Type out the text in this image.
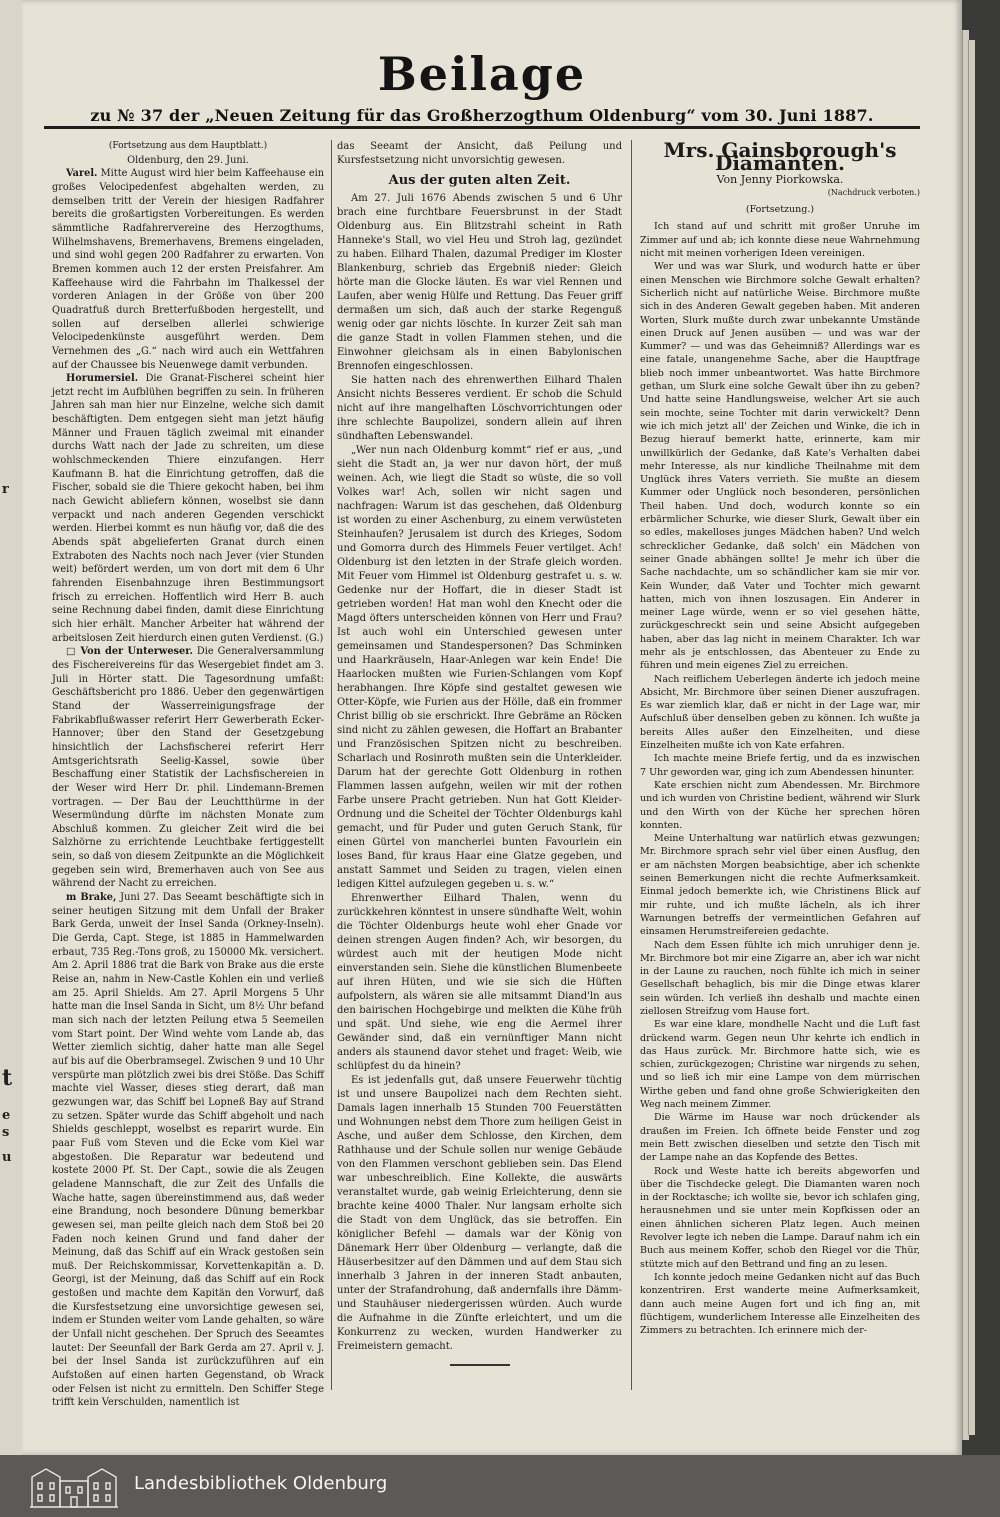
r
t
e
s
u
Beilage
zu № 37 der „Neuen Zeitung für das Großherzogthum Oldenburg“ vom 30. Juni 1887.

(Fortsetzung aus dem Hauptblatt.)

Oldenburg, den 29. Juni.

Varel. Mitte August wird hier beim Kaffeehause ein großes Velocipedenfest abgehalten werden, zu demselben tritt der Verein der hiesigen Radfahrer bereits die großartigsten Vorbereitungen. Es werden sämmtliche Radfahrervereine des Herzogthums, Wilhelmshavens, Bremerhavens, Bremens eingeladen, und sind wohl gegen 200 Radfahrer zu erwarten. Von Bremen kommen auch 12 der ersten Preisfahrer. Am Kaffeehause wird die Fahrbahn im Thalkessel der vorderen Anlagen in der Größe von über 200 Quadratfuß durch Bretterfußboden hergestellt, und sollen auf derselben allerlei schwierige Velocipedenkünste ausgeführt werden. Dem Vernehmen des „G.“ nach wird auch ein Wettfahren auf der Chaussee bis Neuenwege damit verbunden.

Horumersiel. Die Granat-Fischerei scheint hier jetzt recht im Aufblühen begriffen zu sein. In früheren Jahren sah man hier nur Einzelne, welche sich damit beschäftigten. Dem entgegen sieht man jetzt häufig Männer und Frauen täglich zweimal mit einander durchs Watt nach der Jade zu schreiten, um diese wohlschmeckenden Thiere einzufangen. Herr Kaufmann B. hat die Einrichtung getroffen, daß die Fischer, sobald sie die Thiere gekocht haben, bei ihm nach Gewicht abliefern können, woselbst sie dann verpackt und nach anderen Gegenden verschickt werden. Hierbei kommt es nun häufig vor, daß die des Abends spät abgelieferten Granat durch einen Extraboten des Nachts noch nach Jever (vier Stunden weit) befördert werden, um von dort mit dem 6 Uhr fahrenden Eisenbahnzuge ihren Bestimmungsort frisch zu erreichen. Hoffentlich wird Herr B. auch seine Rechnung dabei finden, damit diese Einrichtung sich hier erhält. Mancher Arbeiter hat während der arbeitslosen Zeit hierdurch einen guten Verdienst. (G.)

□ Von der Unterweser. Die Generalversammlung des Fischereivereins für das Wesergebiet findet am 3. Juli in Hörter statt. Die Tagesordnung umfaßt: Geschäftsbericht pro 1886. Ueber den gegenwärtigen Stand der Wasserreinigungsfrage der Fabrikabflußwasser referirt Herr Gewerberath Ecker-Hannover; über den Stand der Gesetzgebung hinsichtlich der Lachsfischerei referirt Herr Amtsgerichtsrath Seelig-Kassel, sowie über Beschaffung einer Statistik der Lachsfischereien in der Weser wird Herr Dr. phil. Lindemann-Bremen vortragen. — Der Bau der Leuchtthürme in der Wesermündung dürfte im nächsten Monate zum Abschluß kommen. Zu gleicher Zeit wird die bei Salzhörne zu errichtende Leuchtbake fertiggestellt sein, so daß von diesem Zeitpunkte an die Möglichkeit gegeben sein wird, Bremerhaven auch von See aus während der Nacht zu erreichen.

m Brake, Juni 27. Das Seeamt beschäftigte sich in seiner heutigen Sitzung mit dem Unfall der Braker Bark Gerda, unweit der Insel Sanda (Orkney-Inseln). Die Gerda, Capt. Stege, ist 1885 in Hammelwarden erbaut, 735 Reg.-Tons groß, zu 150000 Mk. versichert. Am 2. April 1886 trat die Bark von Brake aus die erste Reise an, nahm in New-Castle Kohlen ein und verließ am 25. April Shields. Am 27. April Morgens 5 Uhr hatte man die Insel Sanda in Sicht, um 8½ Uhr befand man sich nach der letzten Peilung etwa 5 Seemeilen vom Start point. Der Wind wehte vom Lande ab, das Wetter ziemlich sichtig, daher hatte man alle Segel auf bis auf die Oberbramsegel. Zwischen 9 und 10 Uhr verspürte man plötzlich zwei bis drei Stöße. Das Schiff machte viel Wasser, dieses stieg derart, daß man gezwungen war, das Schiff bei Lopneß Bay auf Strand zu setzen. Später wurde das Schiff abgeholt und nach Shields geschleppt, woselbst es reparirt wurde. Ein paar Fuß vom Steven und die Ecke vom Kiel war abgestoßen. Die Reparatur war bedeutend und kostete 2000 Pf. St. Der Capt., sowie die als Zeugen geladene Mannschaft, die zur Zeit des Unfalls die Wache hatte, sagen übereinstimmend aus, daß weder eine Brandung, noch besondere Dünung bemerkbar gewesen sei, man peilte gleich nach dem Stoß bei 20 Faden noch keinen Grund und fand daher der Meinung, daß das Schiff auf ein Wrack gestoßen sein muß. Der Reichskommissar, Korvettenkapitän a. D. Georgi, ist der Meinung, daß das Schiff auf ein Rock gestoßen und machte dem Kapitän den Vorwurf, daß die Kursfestsetzung eine unvorsichtige gewesen sei, indem er Stunden weiter vom Lande gehalten, so wäre der Unfall nicht geschehen. Der Spruch des Seeamtes lautet: Der Seeunfall der Bark Gerda am 27. April v. J. bei der Insel Sanda ist zurückzuführen auf ein Aufstoßen auf einen harten Gegenstand, ob Wrack oder Felsen ist nicht zu ermitteln. Den Schiffer Stege trifft kein Verschulden, namentlich ist

das Seeamt der Ansicht, daß Peilung und Kursfestsetzung nicht unvorsichtig gewesen.

Aus der guten alten Zeit.

Am 27. Juli 1676 Abends zwischen 5 und 6 Uhr brach eine furchtbare Feuersbrunst in der Stadt Oldenburg aus. Ein Blitzstrahl scheint in Rath Hanneke's Stall, wo viel Heu und Stroh lag, gezündet zu haben. Eilhard Thalen, dazumal Prediger im Kloster Blankenburg, schrieb das Ergebniß nieder: Gleich hörte man die Glocke läuten. Es war viel Rennen und Laufen, aber wenig Hülfe und Rettung. Das Feuer griff dermaßen um sich, daß auch der starke Regenguß wenig oder gar nichts löschte. In kurzer Zeit sah man die ganze Stadt in vollen Flammen stehen, und die Einwohner gleichsam als in einen Babylonischen Brennofen eingeschlossen.

Sie hatten nach des ehrenwerthen Eilhard Thalen Ansicht nichts Besseres verdient. Er schob die Schuld nicht auf ihre mangelhaften Löschvorrichtungen oder ihre schlechte Baupolizei, sondern allein auf ihren sündhaften Lebenswandel.

„Wer nun nach Oldenburg kommt“ rief er aus, „und sieht die Stadt an, ja wer nur davon hört, der muß weinen. Ach, wie liegt die Stadt so wüste, die so voll Volkes war! Ach, sollen wir nicht sagen und nachfragen: Warum ist das geschehen, daß Oldenburg ist worden zu einer Aschenburg, zu einem verwüsteten Steinhaufen? Jerusalem ist durch des Krieges, Sodom und Gomorra durch des Himmels Feuer vertilget. Ach! Oldenburg ist den letzten in der Strafe gleich worden. Mit Feuer vom Himmel ist Oldenburg gestrafet u. s. w. Gedenke nur der Hoffart, die in dieser Stadt ist getrieben worden! Hat man wohl den Knecht oder die Magd öfters unterscheiden können von Herr und Frau? Ist auch wohl ein Unterschied gewesen unter gemeinsamen und Standespersonen? Das Schminken und Haarkräuseln, Haar-Anlegen war kein Ende! Die Haarlocken mußten wie Furien-Schlangen vom Kopf herabhangen. Ihre Köpfe sind gestaltet gewesen wie Otter-Köpfe, wie Furien aus der Hölle, daß ein frommer Christ billig ob sie erschrickt. Ihre Gebräme an Röcken sind nicht zu zählen gewesen, die Hoffart an Brabanter und Französischen Spitzen nicht zu beschreiben. Scharlach und Rosinroth mußten sein die Unterkleider. Darum hat der gerechte Gott Oldenburg in rothen Flammen lassen aufgehn, weilen wir mit der rothen Farbe unsere Pracht getrieben. Nun hat Gott Kleider-Ordnung und die Scheitel der Töchter Oldenburgs kahl gemacht, und für Puder und guten Geruch Stank, für einen Gürtel von mancherlei bunten Favourlein ein loses Band, für kraus Haar eine Glatze gegeben, und anstatt Sammet und Seiden zu tragen, vielen einen ledigen Kittel aufzulegen gegeben u. s. w.“

Ehrenwerther Eilhard Thalen, wenn du zurückkehren könntest in unsere sündhafte Welt, wohin die Töchter Oldenburgs heute wohl eher Gnade vor deinen strengen Augen finden? Ach, wir besorgen, du würdest auch mit der heutigen Mode nicht einverstanden sein. Siehe die künstlichen Blumenbeete auf ihren Hüten, und wie sie sich die Hüften aufpolstern, als wären sie alle mitsammt Diand'ln aus den bairischen Hochgebirge und melkten die Kühe früh und spät. Und siehe, wie eng die Aermel ihrer Gewänder sind, daß ein vernünftiger Mann nicht anders als staunend davor stehet und fraget: Weib, wie schlüpfest du da hinein?

Es ist jedenfalls gut, daß unsere Feuerwehr tüchtig ist und unsere Baupolizei nach dem Rechten sieht. Damals lagen innerhalb 15 Stunden 700 Feuerstätten und Wohnungen nebst dem Thore zum heiligen Geist in Asche, und außer dem Schlosse, den Kirchen, dem Rathhause und der Schule sollen nur wenige Gebäude von den Flammen verschont geblieben sein. Das Elend war unbeschreiblich. Eine Kollekte, die auswärts veranstaltet wurde, gab weinig Erleichterung, denn sie brachte keine 4000 Thaler. Nur langsam erholte sich die Stadt von dem Unglück, das sie betroffen. Ein königlicher Befehl — damals war der König von Dänemark Herr über Oldenburg — verlangte, daß die Häuserbesitzer auf den Dämmen und auf dem Stau sich innerhalb 3 Jahren in der inneren Stadt anbauten, unter der Strafandrohung, daß andernfalls ihre Dämm- und Stauhäuser niedergerissen würden. Auch wurde die Aufnahme in die Zünfte erleichtert, und um die Konkurrenz zu wecken, wurden Handwerker zu Freimeistern gemacht.

Mrs. Gainsborough's Diamanten.

Von Jenny Piorkowska.

(Nachdruck verboten.)

(Fortsetzung.)

Ich stand auf und schritt mit großer Unruhe im Zimmer auf und ab; ich konnte diese neue Wahrnehmung nicht mit meinen vorherigen Ideen vereinigen.

Wer und was war Slurk, und wodurch hatte er über einen Menschen wie Birchmore solche Gewalt erhalten? Sicherlich nicht auf natürliche Weise. Birchmore mußte sich in des Anderen Gewalt gegeben haben. Mit anderen Worten, Slurk mußte durch zwar unbekannte Umstände einen Druck auf Jenen ausüben — und was war der Kummer? — und was das Geheimniß? Allerdings war es eine fatale, unangenehme Sache, aber die Hauptfrage blieb noch immer unbeantwortet. Was hatte Birchmore gethan, um Slurk eine solche Gewalt über ihn zu geben? Und hatte seine Handlungsweise, welcher Art sie auch sein mochte, seine Tochter mit darin verwickelt? Denn wie ich mich jetzt all' der Zeichen und Winke, die ich in Bezug hierauf bemerkt hatte, erinnerte, kam mir unwillkürlich der Gedanke, daß Kate's Verhalten dabei mehr Interesse, als nur kindliche Theilnahme mit dem Unglück ihres Vaters verrieth. Sie mußte an diesem Kummer oder Unglück noch besonderen, persönlichen Theil haben. Und doch, wodurch konnte so ein erbärmlicher Schurke, wie dieser Slurk, Gewalt über ein so edles, makelloses junges Mädchen haben? Und welch schrecklicher Gedanke, daß solch' ein Mädchen von seiner Gnade abhängen sollte! Je mehr ich über die Sache nachdachte, um so schändlicher kam sie mir vor. Kein Wunder, daß Vater und Tochter mich gewarnt hatten, mich von ihnen loszusagen. Ein Anderer in meiner Lage würde, wenn er so viel gesehen hätte, zurückgeschreckt sein und seine Absicht aufgegeben haben, aber das lag nicht in meinem Charakter. Ich war mehr als je entschlossen, das Abenteuer zu Ende zu führen und mein eigenes Ziel zu erreichen.

Nach reiflichem Ueberlegen änderte ich jedoch meine Absicht, Mr. Birchmore über seinen Diener auszufragen. Es war ziemlich klar, daß er nicht in der Lage war, mir Aufschluß über denselben geben zu können. Ich wußte ja bereits Alles außer den Einzelheiten, und diese Einzelheiten mußte ich von Kate erfahren.

Ich machte meine Briefe fertig, und da es inzwischen 7 Uhr geworden war, ging ich zum Abendessen hinunter.

Kate erschien nicht zum Abendessen. Mr. Birchmore und ich wurden von Christine bedient, während wir Slurk und den Wirth von der Küche her sprechen hören konnten.

Meine Unterhaltung war natürlich etwas gezwungen; Mr. Birchmore sprach sehr viel über einen Ausflug, den er am nächsten Morgen beabsichtige, aber ich schenkte seinen Bemerkungen nicht die rechte Aufmerksamkeit. Einmal jedoch bemerkte ich, wie Christinens Blick auf mir ruhte, und ich mußte lächeln, als ich ihrer Warnungen betreffs der vermeintlichen Gefahren auf einsamen Herumstreifereien gedachte.

Nach dem Essen fühlte ich mich unruhiger denn je. Mr. Birchmore bot mir eine Zigarre an, aber ich war nicht in der Laune zu rauchen, noch fühlte ich mich in seiner Gesellschaft behaglich, bis mir die Dinge etwas klarer sein würden. Ich verließ ihn deshalb und machte einen ziellosen Streifzug vom Hause fort.

Es war eine klare, mondhelle Nacht und die Luft fast drückend warm. Gegen neun Uhr kehrte ich endlich in das Haus zurück. Mr. Birchmore hatte sich, wie es schien, zurückgezogen; Christine war nirgends zu sehen, und so ließ ich mir eine Lampe von dem mürrischen Wirthe geben und fand ohne große Schwierigkeiten den Weg nach meinem Zimmer.

Die Wärme im Hause war noch drückender als draußen im Freien. Ich öffnete beide Fenster und zog mein Bett zwischen dieselben und setzte den Tisch mit der Lampe nahe an das Kopfende des Bettes.

Rock und Weste hatte ich bereits abgeworfen und über die Tischdecke gelegt. Die Diamanten waren noch in der Rocktasche; ich wollte sie, bevor ich schlafen ging, herausnehmen und sie unter mein Kopfkissen oder an einen ähnlichen sicheren Platz legen. Auch meinen Revolver legte ich neben die Lampe. Darauf nahm ich ein Buch aus meinem Koffer, schob den Riegel vor die Thür, stützte mich auf den Bettrand und fing an zu lesen.

Ich konnte jedoch meine Gedanken nicht auf das Buch konzentriren. Erst wanderte meine Aufmerksamkeit, dann auch meine Augen fort und ich fing an, mit flüchtigem, wunderlichem Interesse alle Einzelheiten des Zimmers zu betrachten. Ich erinnere mich der-

Landesbibliothek Oldenburg
